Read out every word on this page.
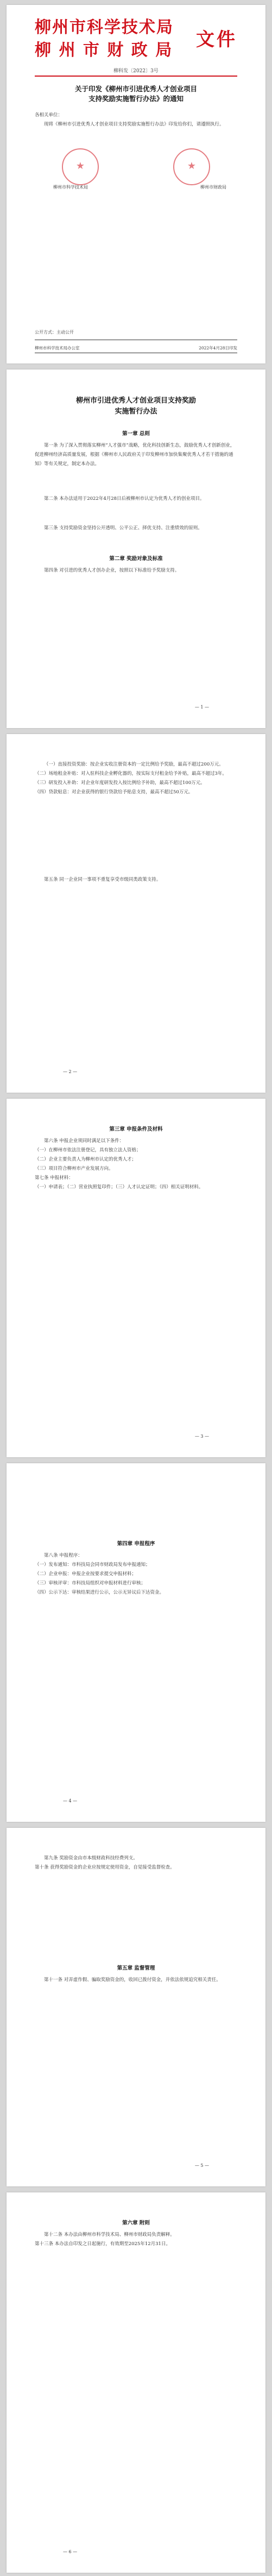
柳州市科学技术局
柳 州 市 财 政 局 文件
柳科发〔2022〕3号
关于印发《柳州市引进优秀人才创业项目
支持奖励实施暂行办法》的通知
各相关单位：
现将《柳州市引进优秀人才创业项目支持奖励实施暂行办法》印发给你们，请遵照执行。
★	★
柳州市科学技术局	柳州市财政局
公开方式：主动公开
柳州市科学技术局办公室	2022年4月28日印发
柳州市引进优秀人才创业项目支持奖励
实施暂行办法
第一章 总则
第一条 为了深入贯彻落实柳州“人才强市”战略，优化科技创新生态，鼓励优秀人才创新创业，促进柳州经济高质量发展，根据《柳州市人民政府关于印发柳州市加快集聚优秀人才若干措施的通知》等有关规定，制定本办法。
第二条 本办法适用于2022年4月28日后被柳州市认定为优秀人才的创业项目。
第三条 支持奖励资金坚持公开透明、公平公正、择优支持、注重绩效的原则。
第二章 奖励对象及标准
第四条 对引进的优秀人才创办企业，按照以下标准给予奖励支持。
— 1 —
（一）直接投资奖励：按企业实收注册资本的一定比例给予奖励，最高不超过200万元。
（二）场地租金补贴：对入驻科技企业孵化器的，按实际支付租金给予补贴，最高不超过3年。
（三）研发投入补助：对企业年度研发投入按比例给予补助，最高不超过100万元。
（四）贷款贴息：对企业获得的银行贷款给予贴息支持，最高不超过50万元。
第五条 同一企业同一事项不重复享受市级同类政策支持。
— 2 —
第三章 申报条件及材料
第六条 申报企业须同时满足以下条件：
（一）在柳州市依法注册登记，具有独立法人资格；
（二）企业主要负责人为柳州市认定的优秀人才；
（三）项目符合柳州市产业发展方向。
第七条 申报材料：
（一）申请表；（二）营业执照复印件；（三）人才认定证明；（四）相关证明材料。
— 3 —
第四章 申报程序
第八条 申报程序：
（一）发布通知：市科技局会同市财政局发布申报通知；
（二）企业申报：申报企业按要求提交申报材料；
（三）审核评审：市科技局组织对申报材料进行审核；
（四）公示下达：审核结果进行公示，公示无异议后下达资金。
— 4 —
第九条 奖励资金由市本级财政科技经费列支。
第十条 获得奖励资金的企业应按规定使用资金，自觉接受监督检查。
第五章 监督管理
第十一条 对弄虚作假、骗取奖励资金的，收回已拨付资金，并依法依规追究相关责任。
— 5 —
第六章 附则
第十二条 本办法由柳州市科学技术局、柳州市财政局负责解释。
第十三条 本办法自印发之日起施行，有效期至2025年12月31日。
— 6 —
